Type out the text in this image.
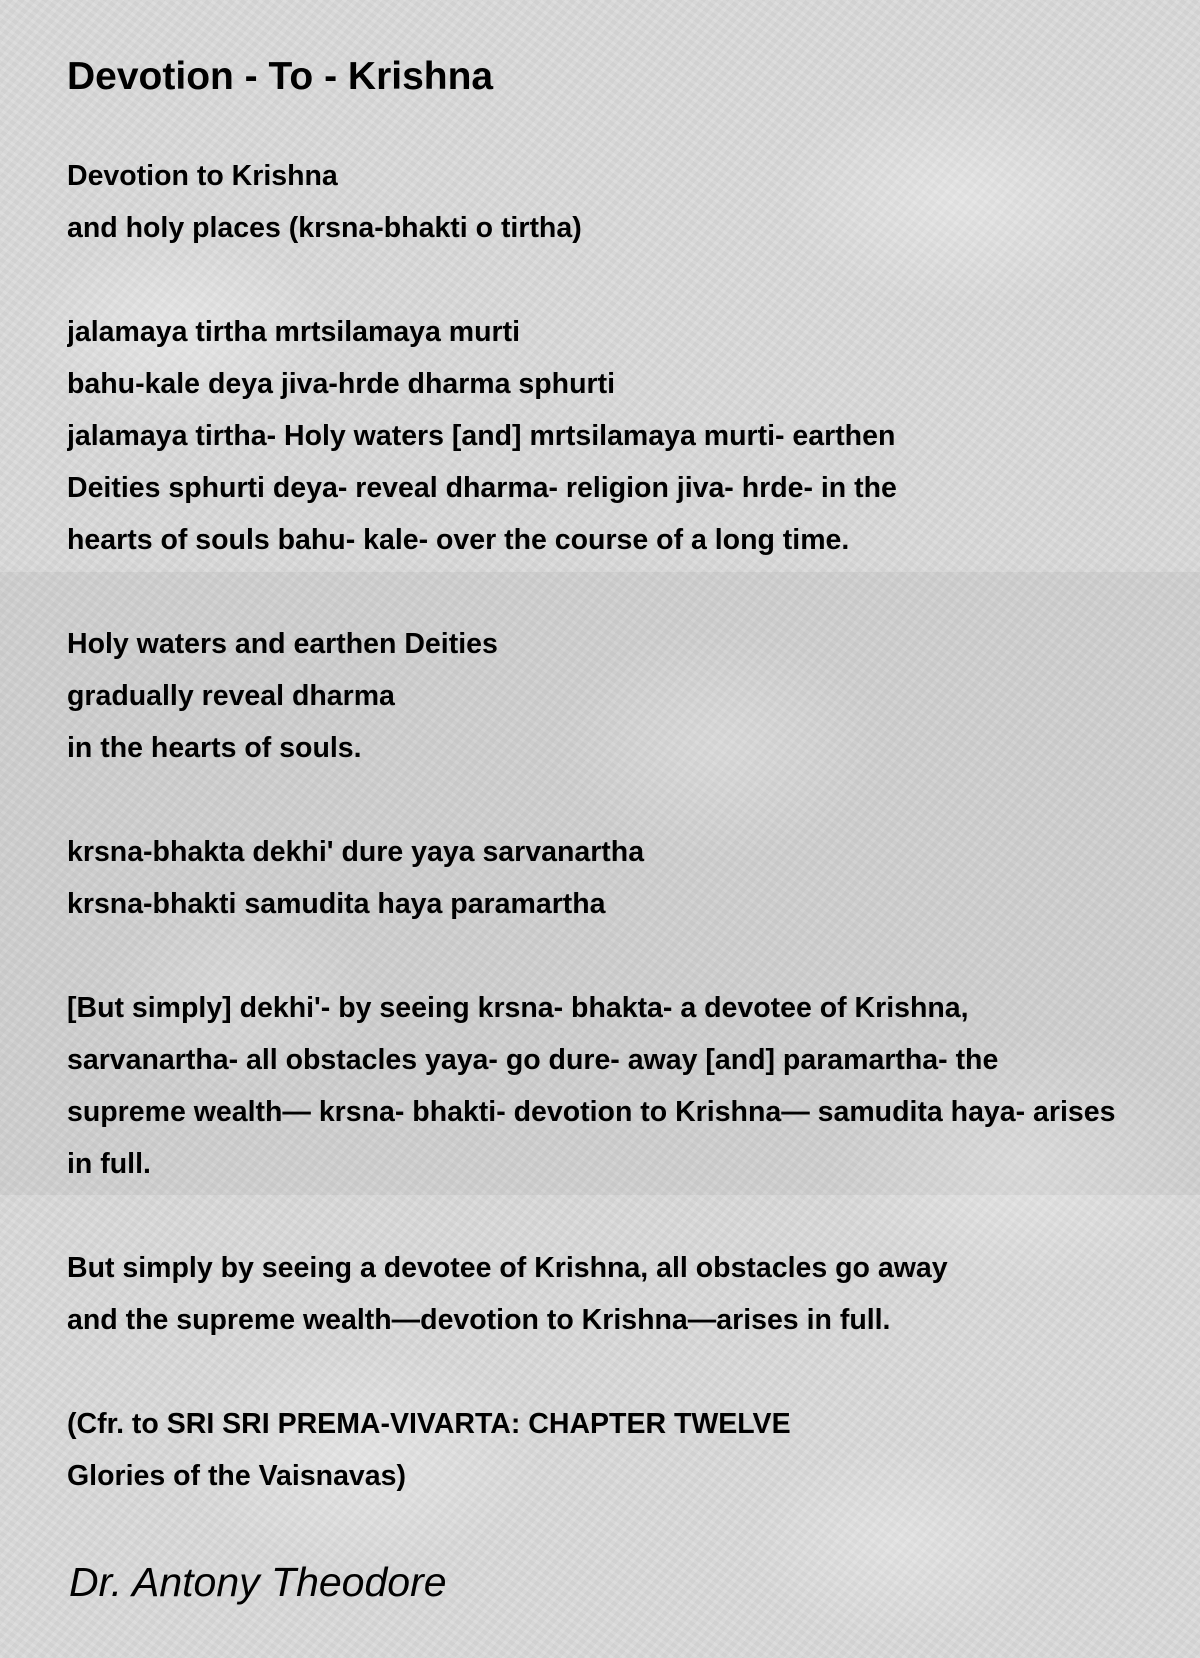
Devotion - To - Krishna
Devotion to Krishna
and holy places (krsna-bhakti o tirtha)
jalamaya tirtha mrtsilamaya murti
bahu-kale deya jiva-hrde dharma sphurti
jalamaya tirtha- Holy waters [and] mrtsilamaya murti- earthen
Deities sphurti deya- reveal dharma- religion jiva- hrde- in the
hearts of souls bahu- kale- over the course of a long time.
Holy waters and earthen Deities
gradually reveal dharma
in the hearts of souls.
krsna-bhakta dekhi' dure yaya sarvanartha
krsna-bhakti samudita haya paramartha
[But simply] dekhi'- by seeing krsna- bhakta- a devotee of Krishna,
sarvanartha- all obstacles yaya- go dure- away [and] paramartha- the
supreme wealth— krsna- bhakti- devotion to Krishna— samudita haya- arises
in full.
But simply by seeing a devotee of Krishna, all obstacles go away
and the supreme wealth—devotion to Krishna—arises in full.
(Cfr. to SRI SRI PREMA-VIVARTA: CHAPTER TWELVE
Glories of the Vaisnavas)
Dr. Antony Theodore
